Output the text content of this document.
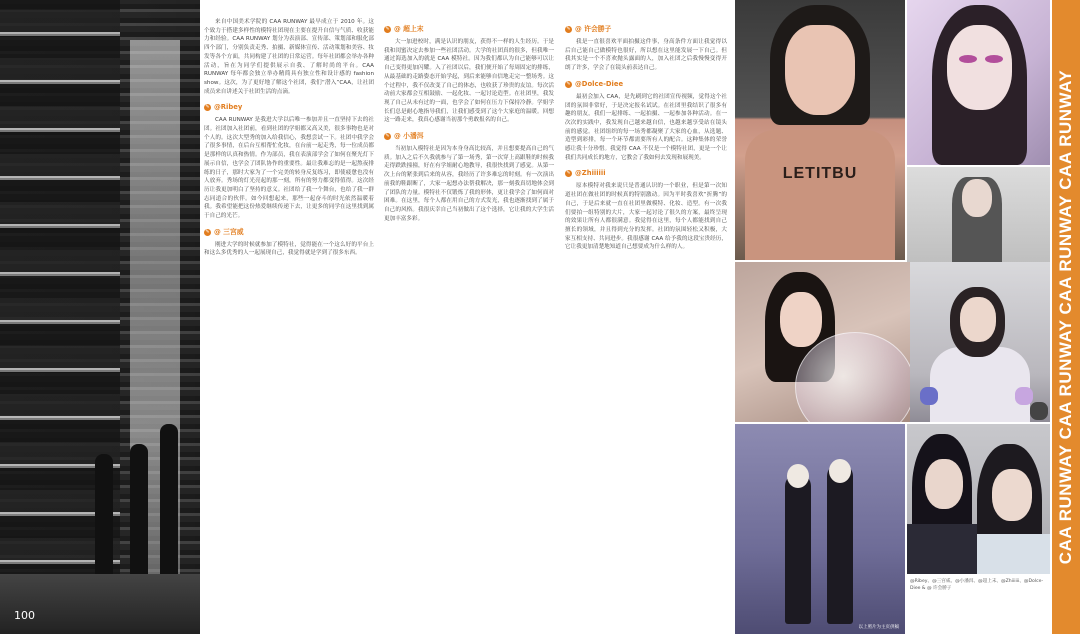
100

来自中国美术学院的 CAA RUNWAY 最早成立于 2010 年。这个致力于搭建多样性的模特社团现在主要在提升自信与气质、收获能力和经验。CAA RUNWAY 划分为表演部、宣传部、策划部和服化部四个部门，分别负责走秀、拍摄、新媒体宣传、活动策划和美容、妆发等各个方面，共同构建了社团的日常运营。每年社团都会举办各种活动，旨在为同学们提供展示自我、了解时尚的平台。CAA RUNWAY 每年都会独立举办精简具有独立性和设计感的 fashion show。这次，为了更好地了解这个社团，我们“潜入”CAA，让社团成员来自讲述关于社团生活的点滴。

✎ @Ribey

CAA RUNWAY 是我进大学以后唯一参加并且一直坚持下去的社团。社团加入社团前，看到社团的学姐都又高又美，很多事物也是对个人的。这次大型秀的加入给我信心，我想尝试一下。社团中我学会了很多事情，在后台互相帮忙化妆，在台前一起走秀，每一位成员都是那样的认真和热情。作为部员，我在表演部学会了如何在聚光灯下展示自信，也学会了团队协作的重要性。最让我难忘的是一起熬夜排练的日子，那时大家为了一个完美的转身反复练习，即使疲惫也没有人放弃。秀场的灯光亮起的那一刻，所有的努力都变得值得。这次经历让我更加明白了坚持的意义。社团给了我一个舞台，也给了我一群志同道合的伙伴。如今回想起来，那些一起奋斗的时光依然温暖着我。我希望能把这份热爱继续传递下去，让更多的同学在这里找到属于自己的光芒。

✎ @ 三宫威

刚进大学的时候就参加了模特社，觉得能在一个这么好的平台上和这么多优秀的人一起展现自己，我觉得就是学到了很多东西。

✎ @ 超上末

大一加进校时，满是认识的朋友，获得不一样的人生经历。于是我和闺蜜决定去参加一些社团活动。大学的社团真的很多，但我唯一通过海选加入的就是 CAA 模特社。因为我们都认为自己能够可以让自己变得更加闪耀。入了社团以后，我们便开始了每周固定的排练，从最基础的走路姿态开始学起，到后来能够自信地走完一整场秀。这个过程中，我不仅改变了自己的体态，也收获了珍贵的友谊。每次活动前大家都会互相鼓励、一起化妆、一起讨论造型。在社团里，我发现了自己从未有过的一面，也学会了如何在压力下保持冷静。学姐学长们总是耐心地指导我们，让我们感受到了这个大家庭的温暖。回想这一路走来，我真心感谢当初那个勇敢报名的自己。

✎ @ 小潘洱

当初加入模特社是因为本身身高比较高，并且想要提高自己的气质。加入之后不久我就参与了第一场秀，第一次穿上高跟鞋的时候我走得跌跌撞撞，好在有学姐耐心地教导，我很快找到了感觉。从第一次上台的紧张到后来的从容，我经历了许多难忘的时刻。有一次演出前我的鞋跟断了，大家一起想办法帮我解决，那一刻我真切地体会到了团队的力量。模特社不仅锻炼了我的形体，更让我学会了如何面对困难。在这里，每个人都在用自己的方式发光，我也逐渐找到了属于自己的风格。我很庆幸自己当初做出了这个选择，它让我的大学生活更加丰富多彩。

✎ @ 许会勝子

我是一直很喜欢平面拍摄这件事，身高条件方面让我觉得以后自己能自己做模特也很好，所以想在这里能发展一下自己。但我其实是一个不喜欢抛头露面的人，加入社团之后我慢慢变得开朗了许多，学会了在镜头前表达自己。

✎ @Dolce-Diee

最初会加入 CAA，是先刷到它的社团宣传视频，觉得这个社团的氛围非常好，于是决定报名试试。在社团里我结识了很多有趣的朋友，我们一起排练、一起拍摄、一起参加各种活动。在一次次的实践中，我发现自己越来越自信，也越来越享受站在镜头前的感觉。社团组织的每一场秀都凝聚了大家的心血，从选题、造型到彩排，每一个环节都需要所有人的配合。这种集体的荣誉感让我十分珍惜。我觉得 CAA 不仅是一个模特社团，更是一个让我们共同成长的地方，它教会了我如何去发现和展现美。

✎ @Zhiiiiii

原本模特对我来说只是普通认识的一个职业，但是第一次知道社团在做社团的时候真的特别激动。因为平时我喜欢“折腾”的自己，于是后来就一直在社团里做模特、化妆、造型。有一次我们要拍一组特别的大片，大家一起讨论了很久的方案，最终呈现的效果让所有人都很满意。我觉得在这里，每个人都能找到自己擅长的领域，并且得到充分的发挥。社团的氛围轻松又积极，大家互相支持、共同进步。我很感谢 CAA 给予我的这段宝贵经历，它让我更加清楚地知道自己想要成为什么样的人。

LETITBU
以上照片为主页供稿
@Ribey、@三宫威、@小潘洱、@超上末、@Zhiiiiii、@Dolce-Diee & @ 许会勝子
CAA RUNWAY CAA RUNWAY CAA RUNWAY CAA RUNWAY
